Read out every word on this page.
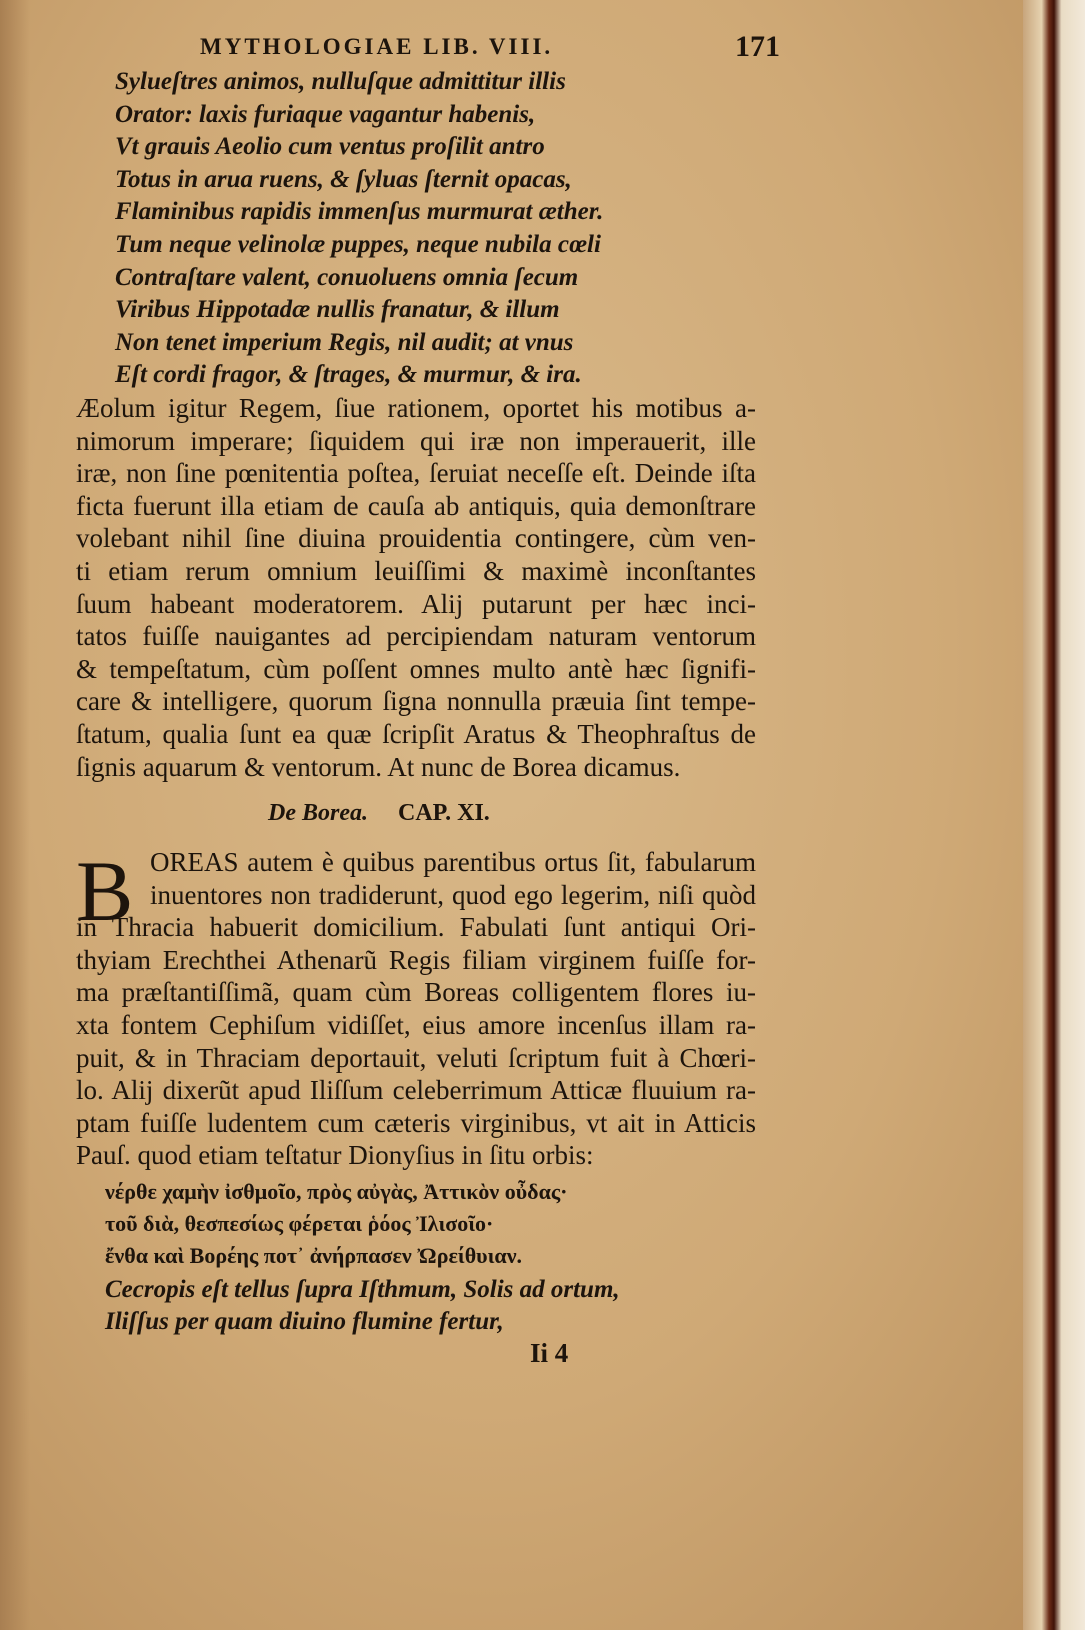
MYTHOLOGIAE LIB. VIII.	171
Sylueſtres animos, nulluſque admittitur illis
Orator: laxis furiaque vagantur habenis,
Vt grauis Aeolio cum ventus proſilit antro
Totus in arua ruens, & ſyluas ſternit opacas,
Flaminibus rapidis immenſus murmurat æther.
Tum neque velinolæ puppes, neque nubila cœli
Contraſtare valent, conuoluens omnia ſecum
Viribus Hippotadæ nullis franatur, & illum
Non tenet imperium Regis, nil audit; at vnus
Eſt cordi fragor, & ſtrages, & murmur, & ira.
Æolum igitur Regem, ſiue rationem, oportet his motibus a-
nimorum imperare; ſiquidem qui iræ non imperauerit, ille
iræ, non ſine pœnitentia poſtea, ſeruiat neceſſe eſt. Deinde iſta
ficta fuerunt illa etiam de cauſa ab antiquis, quia demonſtrare
volebant nihil ſine diuina prouidentia contingere, cùm ven-
ti etiam rerum omnium leuiſſimi & maximè inconſtantes
ſuum habeant moderatorem. Alij putarunt per hæc inci-
tatos fuiſſe nauigantes ad percipiendam naturam ventorum
& tempeſtatum, cùm poſſent omnes multo antè hæc ſignifi-
care & intelligere, quorum ſigna nonnulla præuia ſint tempe-
ſtatum, qualia ſunt ea quæ ſcripſit Aratus & Theophraſtus de
ſignis aquarum & ventorum. At nunc de Borea dicamus.
De Borea. CAP. XI.
B OREAS autem è quibus parentibus ortus ſit, fabularum
inuentores non tradiderunt, quod ego legerim, niſi quòd
in Thracia habuerit domicilium. Fabulati ſunt antiqui Ori-
thyiam Erechthei Athenarũ Regis filiam virginem fuiſſe for-
ma præſtantiſſimã, quam cùm Boreas colligentem flores iu-
xta fontem Cephiſum vidiſſet, eius amore incenſus illam ra-
puit, & in Thraciam deportauit, veluti ſcriptum fuit à Chœri-
lo. Alij dixerũt apud Iliſſum celeberrimum Atticæ fluuium ra-
ptam fuiſſe ludentem cum cæteris virginibus, vt ait in Atticis
Pauſ. quod etiam teſtatur Dionyſius in ſitu orbis:
νέρθε χαμὴν ἰσθμοῖο, πρὸς αὐγὰς, Ἀττικὸν οὖδας·
τοῦ διὰ, θεσπεσίως φέρεται ῥόος Ἰλισοῖο·
ἔνθα καὶ Βορέης ποτ᾽ ἀνήρπασεν Ὠρείθυιαν.
Cecropis eſt tellus ſupra Iſthmum, Solis ad ortum,
Iliſſus per quam diuino flumine fertur,
Ii 4
